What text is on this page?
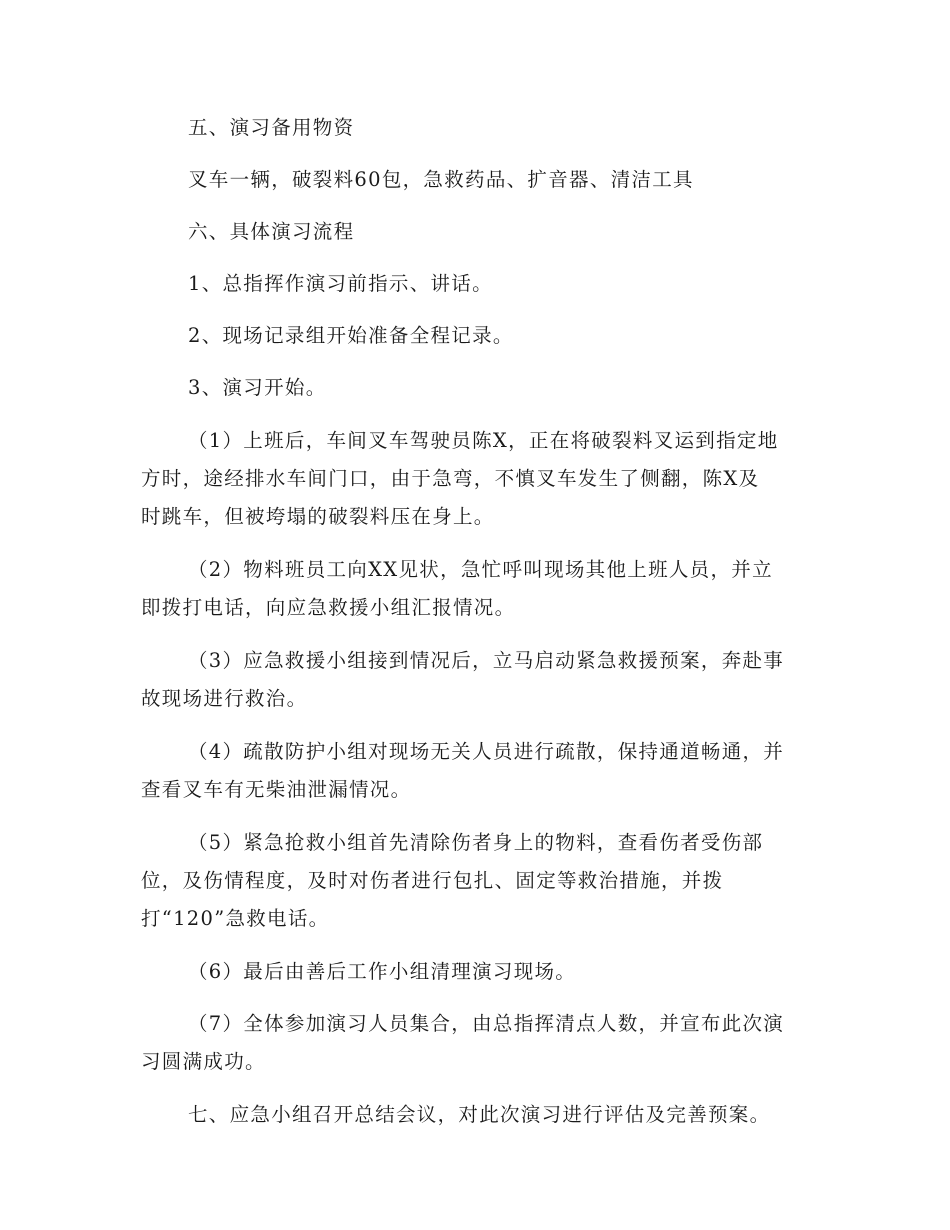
五、演习备用物资
叉车一辆，破裂料60包，急救药品、扩音器、清洁工具
六、具体演习流程
1、总指挥作演习前指示、讲话。
2、现场记录组开始准备全程记录。
3、演习开始。
（1）上班后，车间叉车驾驶员陈X，正在将破裂料叉运到指定地
方时，途经排水车间门口，由于急弯，不慎叉车发生了侧翻，陈X及
时跳车，但被垮塌的破裂料压在身上。
（2）物料班员工向XX见状，急忙呼叫现场其他上班人员，并立
即拨打电话，向应急救援小组汇报情况。
（3）应急救援小组接到情况后，立马启动紧急救援预案，奔赴事
故现场进行救治。
（4）疏散防护小组对现场无关人员进行疏散，保持通道畅通，并
查看叉车有无柴油泄漏情况。
（5）紧急抢救小组首先清除伤者身上的物料，查看伤者受伤部
位，及伤情程度，及时对伤者进行包扎、固定等救治措施，并拨
打“120”急救电话。
（6）最后由善后工作小组清理演习现场。
（7）全体参加演习人员集合，由总指挥清点人数，并宣布此次演
习圆满成功。
七、应急小组召开总结会议，对此次演习进行评估及完善预案。
